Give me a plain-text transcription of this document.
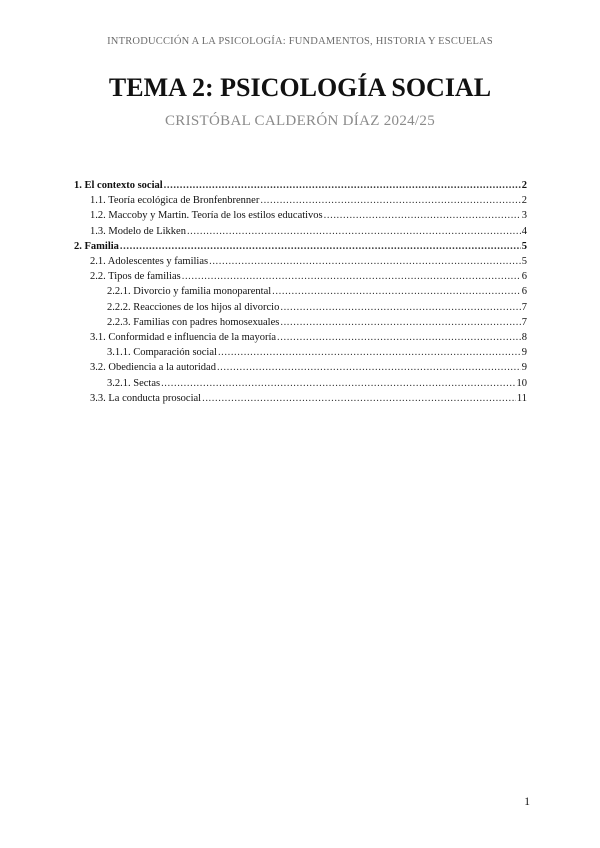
INTRODUCCIÓN A LA PSICOLOGÍA: FUNDAMENTOS, HISTORIA Y ESCUELAS
TEMA 2: PSICOLOGÍA SOCIAL
CRISTÓBAL CALDERÓN DÍAZ 2024/25
1. El contexto social .....	2
1.1. Teoría ecológica de Bronfenbrenner .....	2
1.2. Maccoby y Martin. Teoría de los estilos educativos .....	3
1.3. Modelo de Likken .....	4
2. Familia .....	5
2.1. Adolescentes y familias .....	5
2.2. Tipos de familias .....	6
2.2.1. Divorcio y familia monoparental .....	6
2.2.2. Reacciones de los hijos al divorcio .....	7
2.2.3. Familias con padres homosexuales .....	7
3.1. Conformidad e influencia de la mayoría .....	8
3.1.1. Comparación social .....	9
3.2. Obediencia a la autoridad .....	9
3.2.1. Sectas .....	10
3.3. La conducta prosocial .....	11
1
